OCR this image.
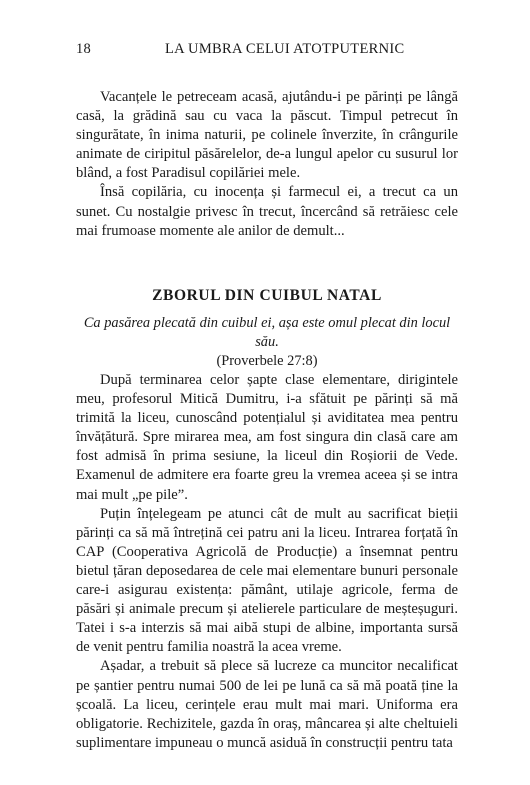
18	LA UMBRA CELUI ATOTPUTERNIC

Vacanțele le petreceam acasă, ajutându-i pe părinți pe lângă casă, la grădină sau cu vaca la păscut. Timpul petrecut în singurătate, în inima naturii, pe colinele înverzite, în crângurile animate de ciripitul păsărelelor, de-a lungul apelor cu susurul lor blând, a fost Paradisul copilăriei mele.

Însă copilăria, cu inocența și farmecul ei, a trecut ca un sunet. Cu nostalgie privesc în trecut, încercând să retrăiesc cele mai frumoase momente ale anilor de demult...

ZBORUL DIN CUIBUL NATAL
Ca pasărea plecată din cuibul ei, așa este omul plecat din locul său.
(Proverbele 27:8)

După terminarea celor șapte clase elementare, dirigintele meu, profesorul Mitică Dumitru, i-a sfătuit pe părinți să mă trimită la liceu, cunoscând potențialul și aviditatea mea pentru învățătură. Spre mirarea mea, am fost singura din clasă care am fost admisă în prima sesiune, la liceul din Roșiorii de Vede. Examenul de admitere era foarte greu la vremea aceea și se intra mai mult „pe pile”.

Puțin înțelegeam pe atunci cât de mult au sacrificat bieții părinți ca să mă întrețină cei patru ani la liceu. Intrarea forțată în CAP (Cooperativa Agricolă de Producție) a însemnat pentru bietul țăran deposedarea de cele mai elementare bunuri personale care-i asigurau existența: pământ, utilaje agricole, ferma de păsări și animale precum și atelierele particulare de meșteșuguri. Tatei i s-a interzis să mai aibă stupi de albine, importanta sursă de venit pentru familia noastră la acea vreme.

Așadar, a trebuit să plece să lucreze ca muncitor necalificat pe șantier pentru numai 500 de lei pe lună ca să mă poată ține la școală. La liceu, cerințele erau mult mai mari. Uniforma era obligatorie. Rechizitele, gazda în oraș, mâncarea și alte cheltuieli suplimentare impuneau o muncă asiduă în construcții pentru tata
